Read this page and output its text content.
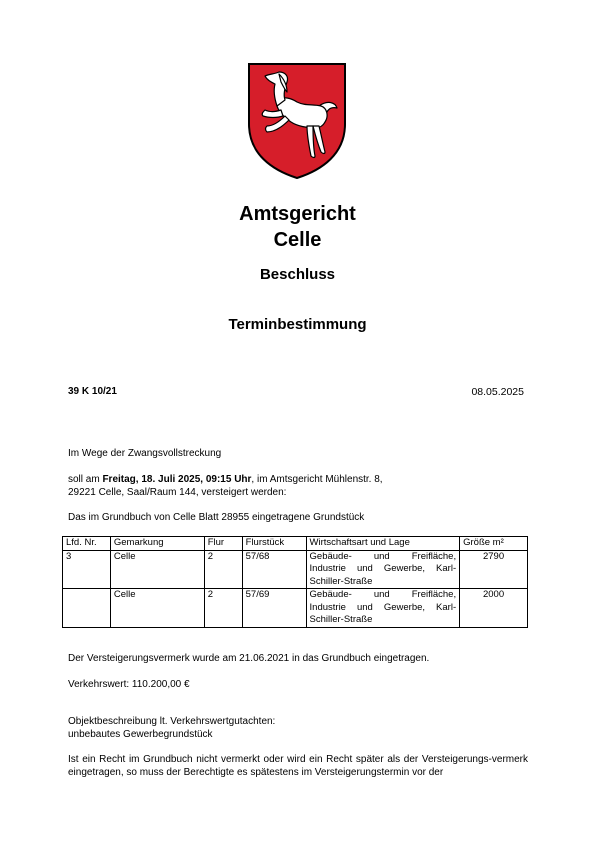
Amtsgericht
Celle
Beschluss
Terminbestimmung
39 K 10/21	08.05.2025
Im Wege der Zwangsvollstreckung
soll am Freitag, 18. Juli 2025, 09:15 Uhr, im Amtsgericht Mühlenstr. 8,
29221 Celle, Saal/Raum 144, versteigert werden:
Das im Grundbuch von Celle Blatt 28955 eingetragene Grundstück
Lfd. Nr.	Gemarkung	Flur	Flurstück	Wirtschaftsart und Lage	Größe m²
3	Celle	2	57/68	Gebäude- und Freifläche, Industrie und Gewerbe, Karl-Schiller-Straße	2790
	Celle	2	57/69	Gebäude- und Freifläche, Industrie und Gewerbe, Karl-Schiller-Straße	2000
Der Versteigerungsvermerk wurde am 21.06.2021 in das Grundbuch eingetragen.
Verkehrswert: 110.200,00 €
Objektbeschreibung lt. Verkehrswertgutachten:
unbebautes Gewerbegrundstück
Ist ein Recht im Grundbuch nicht vermerkt oder wird ein Recht später als der Versteigerungs-vermerk eingetragen, so muss der Berechtigte es spätestens im Versteigerungstermin vor der
